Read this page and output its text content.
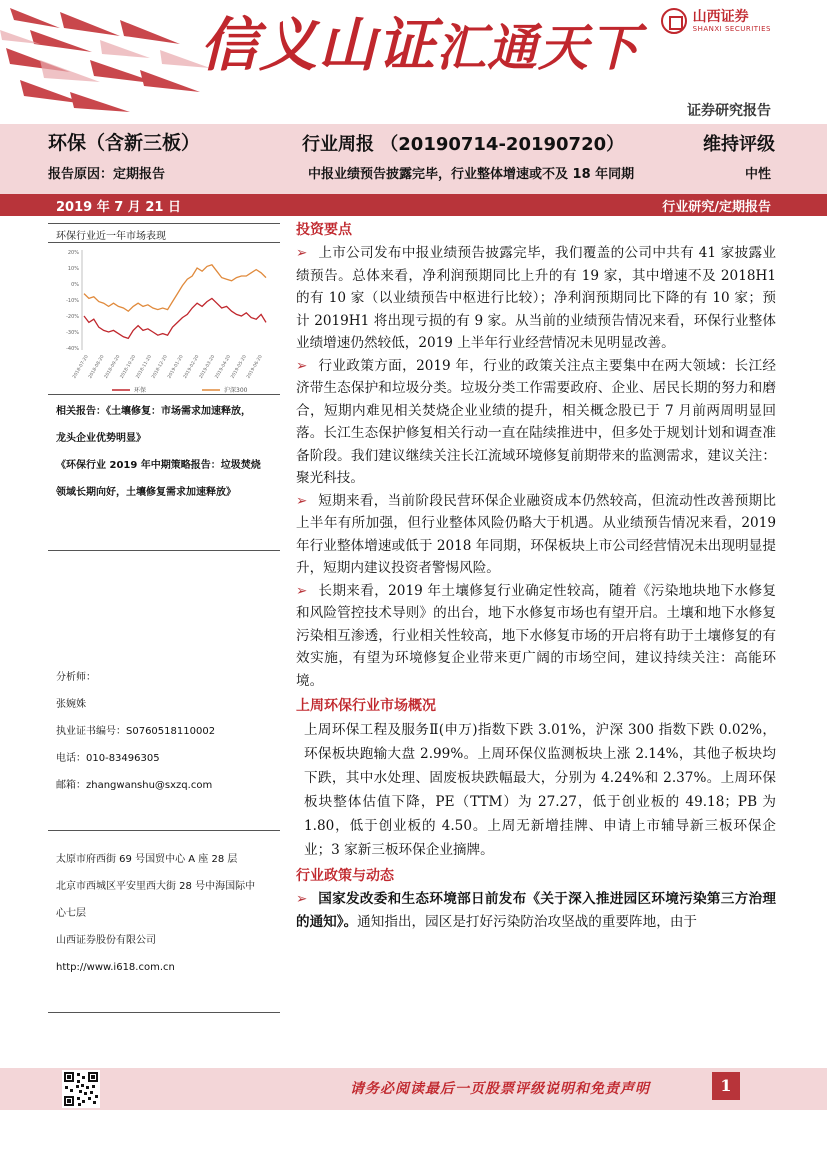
信义山证汇通天下
山西证券
SHANXI SECURITIES
证券研究报告
环保（含新三板）
报告原因：定期报告
行业周报 （20190714-20190720）	维持评级
中报业绩预告披露完毕，行业整体增速或不及 18 年同期	中性
2019 年 7 月 21 日	行业研究/定期报告
环保行业近一年市场表现
20%
10%
0%
-10%
-20%
-30%
-40%
2018-07-20
2018-08-20
2018-09-20
2018-10-20
2018-11-20
2018-12-20
2019-01-20
2019-02-20
2019-03-20
2019-04-20
2019-05-20
2019-06-20
环保	沪深300
相关报告：《土壤修复：市场需求加速释放，
龙头企业优势明显》
《环保行业 2019 年中期策略报告：垃圾焚烧
领域长期向好，土壤修复需求加速释放》
分析师：
张婉姝
执业证书编号：S0760518110002
电话：010-83496305
邮箱：zhangwanshu@sxzq.com
太原市府西街 69 号国贸中心 A 座 28 层
北京市西城区平安里西大街 28 号中海国际中
心七层
山西证券股份有限公司
http://www.i618.com.cn
投资要点

➢ 上市公司发布中报业绩预告披露完毕，我们覆盖的公司中共有 41 家披露业绩预告。总体来看，净利润预期同比上升的有 19 家，其中增速不及 2018H1 的有 10 家（以业绩预告中枢进行比较）；净利润预期同比下降的有 10 家；预计 2019H1 将出现亏损的有 9 家。从当前的业绩预告情况来看，环保行业整体业绩增速仍然较低，2019 上半年行业经营情况未见明显改善。

➢ 行业政策方面，2019 年，行业的政策关注点主要集中在两大领域：长江经济带生态保护和垃圾分类。垃圾分类工作需要政府、企业、居民长期的努力和磨合，短期内难见相关焚烧企业业绩的提升，相关概念股已于 7 月前两周明显回落。长江生态保护修复相关行动一直在陆续推进中，但多处于规划计划和调查准备阶段。我们建议继续关注长江流域环境修复前期带来的监测需求，建议关注：聚光科技。

➢ 短期来看，当前阶段民营环保企业融资成本仍然较高，但流动性改善预期比上半年有所加强，但行业整体风险仍略大于机遇。从业绩预告情况来看，2019 年行业整体增速或低于 2018 年同期，环保板块上市公司经营情况未出现明显提升，短期内建议投资者警惕风险。

➢ 长期来看，2019 年土壤修复行业确定性较高，随着《污染地块地下水修复和风险管控技术导则》的出台，地下水修复市场也有望开启。土壤和地下水修复污染相互渗透，行业相关性较高，地下水修复市场的开启将有助于土壤修复的有效实施，有望为环境修复企业带来更广阔的市场空间，建议持续关注：高能环境。

上周环保行业市场概况

上周环保工程及服务Ⅱ(申万)指数下跌 3.01%，沪深 300 指数下跌 0.02%，环保板块跑输大盘 2.99%。上周环保仪监测板块上涨 2.14%，其他子板块均下跌，其中水处理、固废板块跌幅最大，分别为 4.24%和 2.37%。上周环保板块整体估值下降，PE（TTM）为 27.27，低于创业板的 49.18；PB 为 1.80，低于创业板的 4.50。上周无新增挂牌、申请上市辅导新三板环保企业；3 家新三板环保企业摘牌。

行业政策与动态

➢ 国家发改委和生态环境部日前发布《关于深入推进园区环境污染第三方治理的通知》。通知指出，园区是打好污染防治攻坚战的重要阵地，由于

请务必阅读最后一页股票评级说明和免责声明	1
